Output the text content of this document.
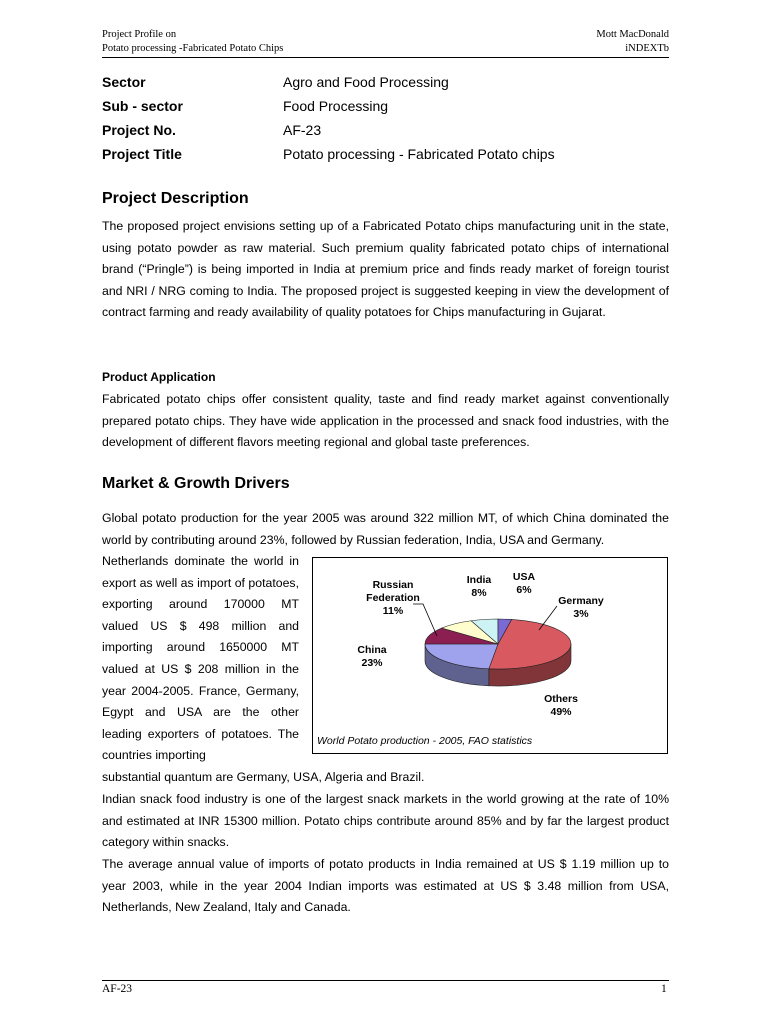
Project Profile on
Potato processing -Fabricated Potato Chips
Mott MacDonald
iNDEXTb
Sector	Agro and Food Processing
Sub - sector	Food Processing
Project No.	AF-23
Project Title	Potato processing - Fabricated Potato chips
Project Description

The proposed project envisions setting up of a Fabricated Potato chips manufacturing unit in the state, using potato powder as raw material. Such premium quality fabricated potato chips of international brand (“Pringle”) is being imported in India at premium price and finds ready market of foreign tourist and NRI / NRG coming to India. The proposed project is suggested keeping in view the development of contract farming and ready availability of quality potatoes for Chips manufacturing in Gujarat.

Product Application

Fabricated potato chips offer consistent quality, taste and find ready market against conventionally prepared potato chips. They have wide application in the processed and snack food industries, with the development of different flavors meeting regional and global taste preferences.

Market & Growth Drivers

Global potato production for the year 2005 was around 322 million MT, of which China dominated the world by contributing around 23%, followed by Russian federation, India, USA and Germany.

Netherlands dominate the world in export as well as import of potatoes, exporting around 170000 MT valued US $ 498 million and importing around 1650000 MT valued at US $ 208 million in the year 2004-2005. France, Germany, Egypt and USA are the other leading exporters of potatoes. The countries importing

Others 49%
China 23%
Russian Federation 11%
India 8%
USA 6%
Germany 3%
World Potato production - 2005, FAO statistics

substantial quantum are Germany, USA, Algeria and Brazil.

Indian snack food industry is one of the largest snack markets in the world growing at the rate of 10% and estimated at INR 15300 million. Potato chips contribute around 85% and by far the largest product category within snacks.

The average annual value of imports of potato products in India remained at US $ 1.19 million up to year 2003, while in the year 2004 Indian imports was estimated at US $ 3.48 million from USA, Netherlands, New Zealand, Italy and Canada.

AF-23	1
